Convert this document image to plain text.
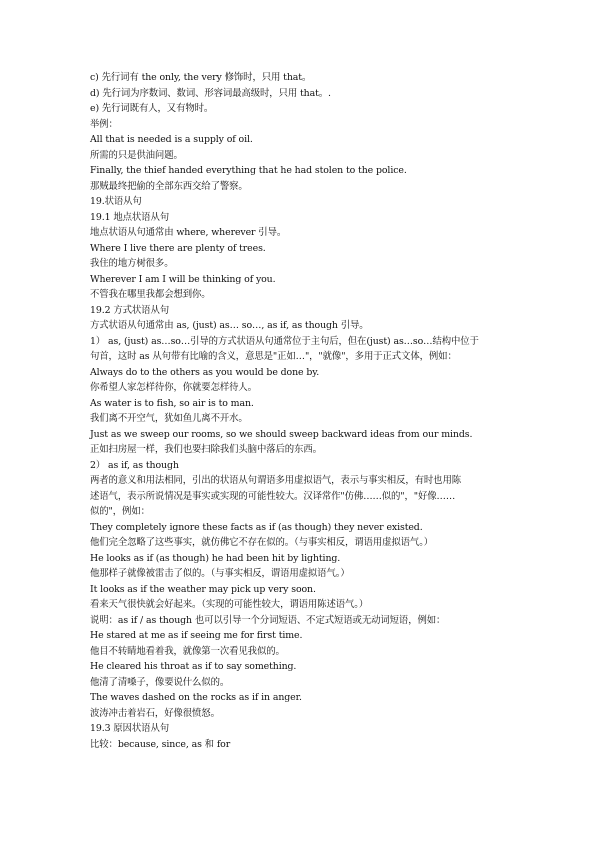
c) 先行词有 the only, the very 修饰时，只用 that。
d) 先行词为序数词、数词、形容词最高级时，只用 that。.
e) 先行词既有人，又有物时。
举例：
All that is needed is a supply of oil.
所需的只是供油问题。
Finally, the thief handed everything that he had stolen to the police.
那贼最终把偷的全部东西交给了警察。
19.状语从句
19.1 地点状语从句
地点状语从句通常由 where, wherever 引导。
Where I live there are plenty of trees.
我住的地方树很多。
Wherever I am I will be thinking of you.
不管我在哪里我都会想到你。
19.2 方式状语从句
方式状语从句通常由 as, (just) as… so…, as if, as though 引导。
1） as, (just) as…so…引导的方式状语从句通常位于主句后，但在(just) as…so…结构中位于
句首，这时 as 从句带有比喻的含义，意思是"正如…"，"就像"，多用于正式文体，例如：
Always do to the others as you would be done by.
你希望人家怎样待你，你就要怎样待人。
As water is to fish, so air is to man.
我们离不开空气，犹如鱼儿离不开水。
Just as we sweep our rooms, so we should sweep backward ideas from our minds.
正如扫房屋一样，我们也要扫除我们头脑中落后的东西。
2） as if, as though
两者的意义和用法相同，引出的状语从句谓语多用虚拟语气，表示与事实相反，有时也用陈
述语气，表示所说情况是事实或实现的可能性较大。汉译常作"仿佛……似的"，"好像……
似的"，例如：
They completely ignore these facts as if (as though) they never existed.
他们完全忽略了这些事实，就仿佛它不存在似的。（与事实相反，谓语用虚拟语气。）
He looks as if (as though) he had been hit by lighting.
他那样子就像被雷击了似的。（与事实相反，谓语用虚拟语气。）
It looks as if the weather may pick up very soon.
看来天气很快就会好起来。（实现的可能性较大，谓语用陈述语气。）
说明：as if / as though 也可以引导一个分词短语、不定式短语或无动词短语，例如：
He stared at me as if seeing me for first time.
他目不转睛地看着我，就像第一次看见我似的。
He cleared his throat as if to say something.
他清了清嗓子，像要说什么似的。
The waves dashed on the rocks as if in anger.
波涛冲击着岩石，好像很愤怒。
19.3 原因状语从句
比较：because, since, as 和 for
